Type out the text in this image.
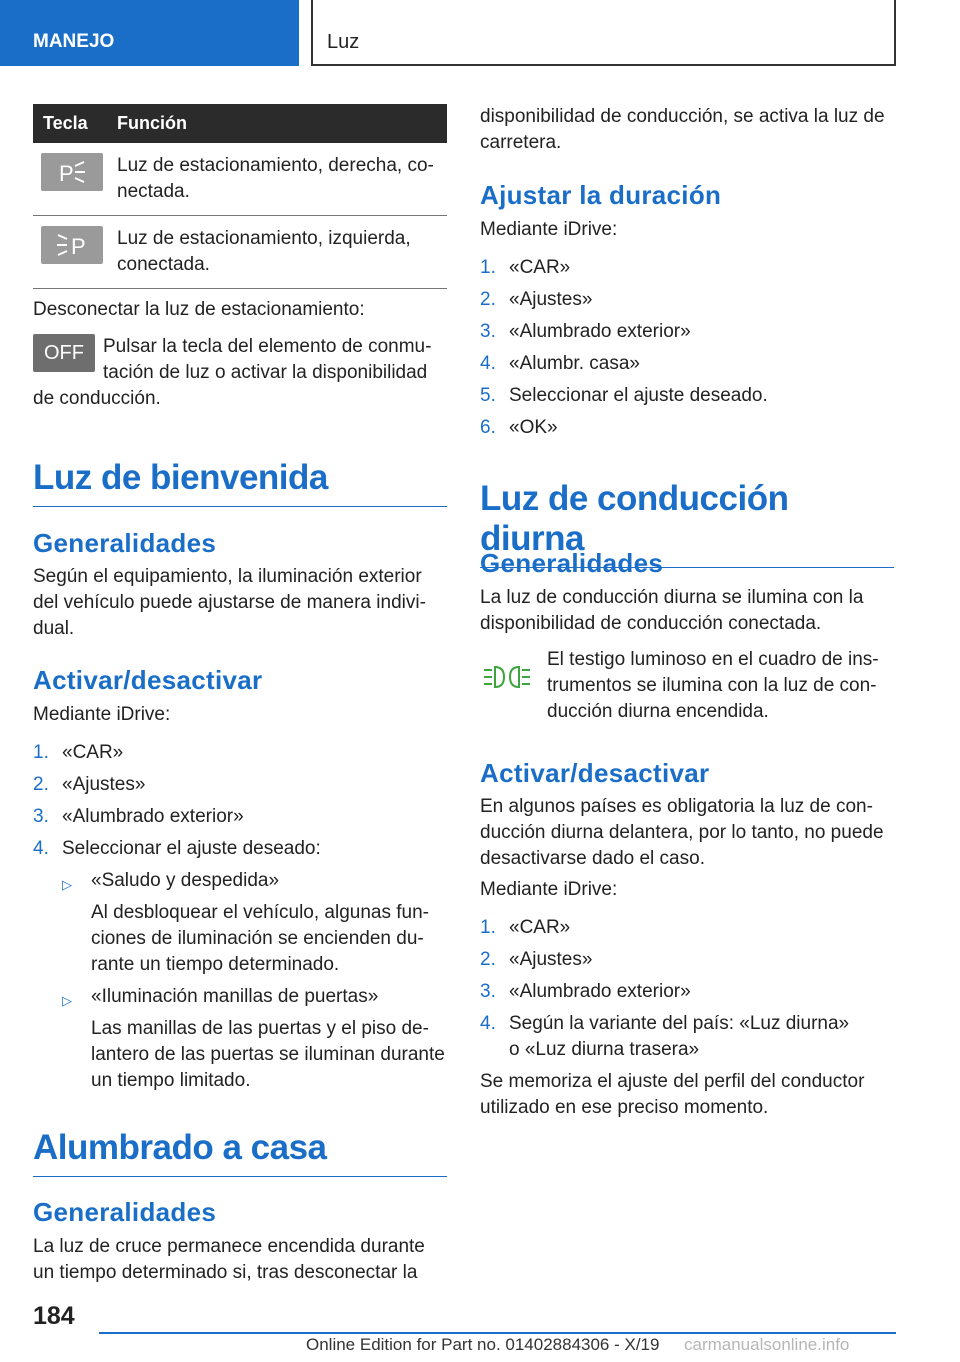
MANEJO	Luz
Tecla	Función

P	Luz de estacionamiento, derecha, co-nectada.

P	Luz de estacionamiento, izquierda, conectada.

Desconectar la luz de estacionamiento:

OFF	Pulsar la tecla del elemento de conmu-tación de luz o activar la disponibilidad de conducción.

Luz de bienvenida
Generalidades

Según el equipamiento, la iluminación exterior del vehículo puede ajustarse de manera indivi-dual.

Activar/desactivar

Mediante iDrive:

1. «CAR»
2. «Ajustes»
3. «Alumbrado exterior»
4. Seleccionar el ajuste deseado:
▷ «Saludo y despedida»
Al desbloquear el vehículo, algunas fun-ciones de iluminación se encienden du-rante un tiempo determinado.
▷ «Iluminación manillas de puertas»
Las manillas de las puertas y el piso de-lantero de las puertas se iluminan durante un tiempo limitado.
Alumbrado a casa
Generalidades

La luz de cruce permanece encendida durante un tiempo determinado si, tras desconectar la

disponibilidad de conducción, se activa la luz de carretera.

Ajustar la duración

Mediante iDrive:

1. «CAR»
2. «Ajustes»
3. «Alumbrado exterior»
4. «Alumbr. casa»
5. Seleccionar el ajuste deseado.
6. «OK»
Luz de conducción diurna
Generalidades

La luz de conducción diurna se ilumina con la disponibilidad de conducción conectada.

El testigo luminoso en el cuadro de ins-trumentos se ilumina con la luz de con-ducción diurna encendida.

Activar/desactivar

En algunos países es obligatoria la luz de con-ducción diurna delantera, por lo tanto, no puede desactivarse dado el caso.

Mediante iDrive:

1. «CAR»
2. «Ajustes»
3. «Alumbrado exterior»
4. Según la variante del país: «Luz diurna» o «Luz diurna trasera»

Se memoriza el ajuste del perfil del conductor utilizado en ese preciso momento.

184
Online Edition for Part no. 01402884306 - X/19 carmanualsonline.info
